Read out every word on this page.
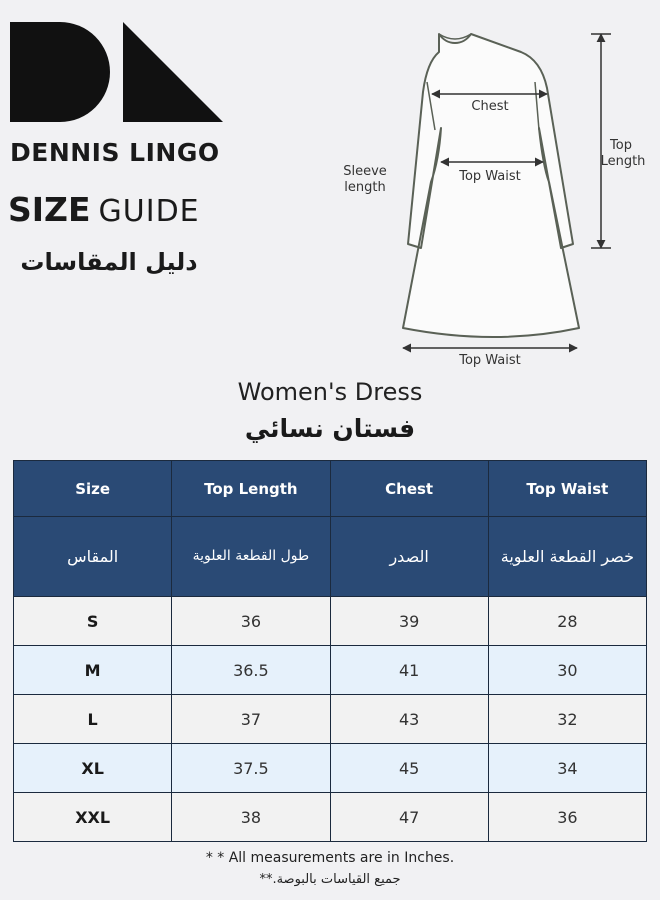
DENNIS LINGO
SIZE GUIDE
دليل المقاسات
Chest
Top Waist
Top Waist
Top
Length
Sleeve
length
Women's Dress
فستان نسائي
Size	Top Length	Chest	Top Waist
المقاس	طول القطعة العلوية	الصدر	خصر القطعة العلوية
S	36	39	28
M	36.5	41	30
L	37	43	32
XL	37.5	45	34
XXL	38	47	36
* * All measurements are in Inches.
جميع القياسات بالبوصة.**
